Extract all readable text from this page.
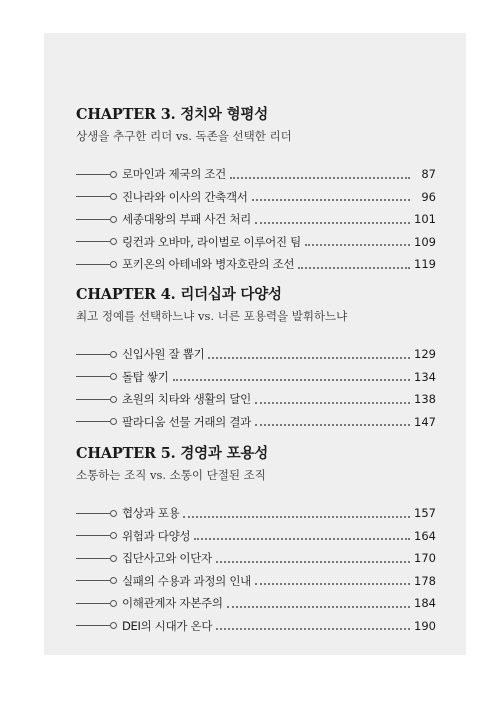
CHAPTER 3. 정치와 형평성
상생을 추구한 리더 vs. 독존을 선택한 리더
로마인과 제국의 조건	87
진나라와 이사의 간축객서	96
세종대왕의 부패 사건 처리	101
링컨과 오바마, 라이벌로 이루어진 팀	109
포키온의 아테네와 병자호란의 조선	119
CHAPTER 4. 리더십과 다양성
최고 정예를 선택하느냐 vs. 너른 포용력을 발휘하느냐
신입사원 잘 뽑기	129
돌탑 쌓기	134
초원의 치타와 생활의 달인	138
팔라디움 선물 거래의 결과	147
CHAPTER 5. 경영과 포용성
소통하는 조직 vs. 소통이 단절된 조직
협상과 포용	157
위험과 다양성	164
집단사고와 이단자	170
실패의 수용과 과정의 인내	178
이해관계자 자본주의	184
DEI의 시대가 온다	190
